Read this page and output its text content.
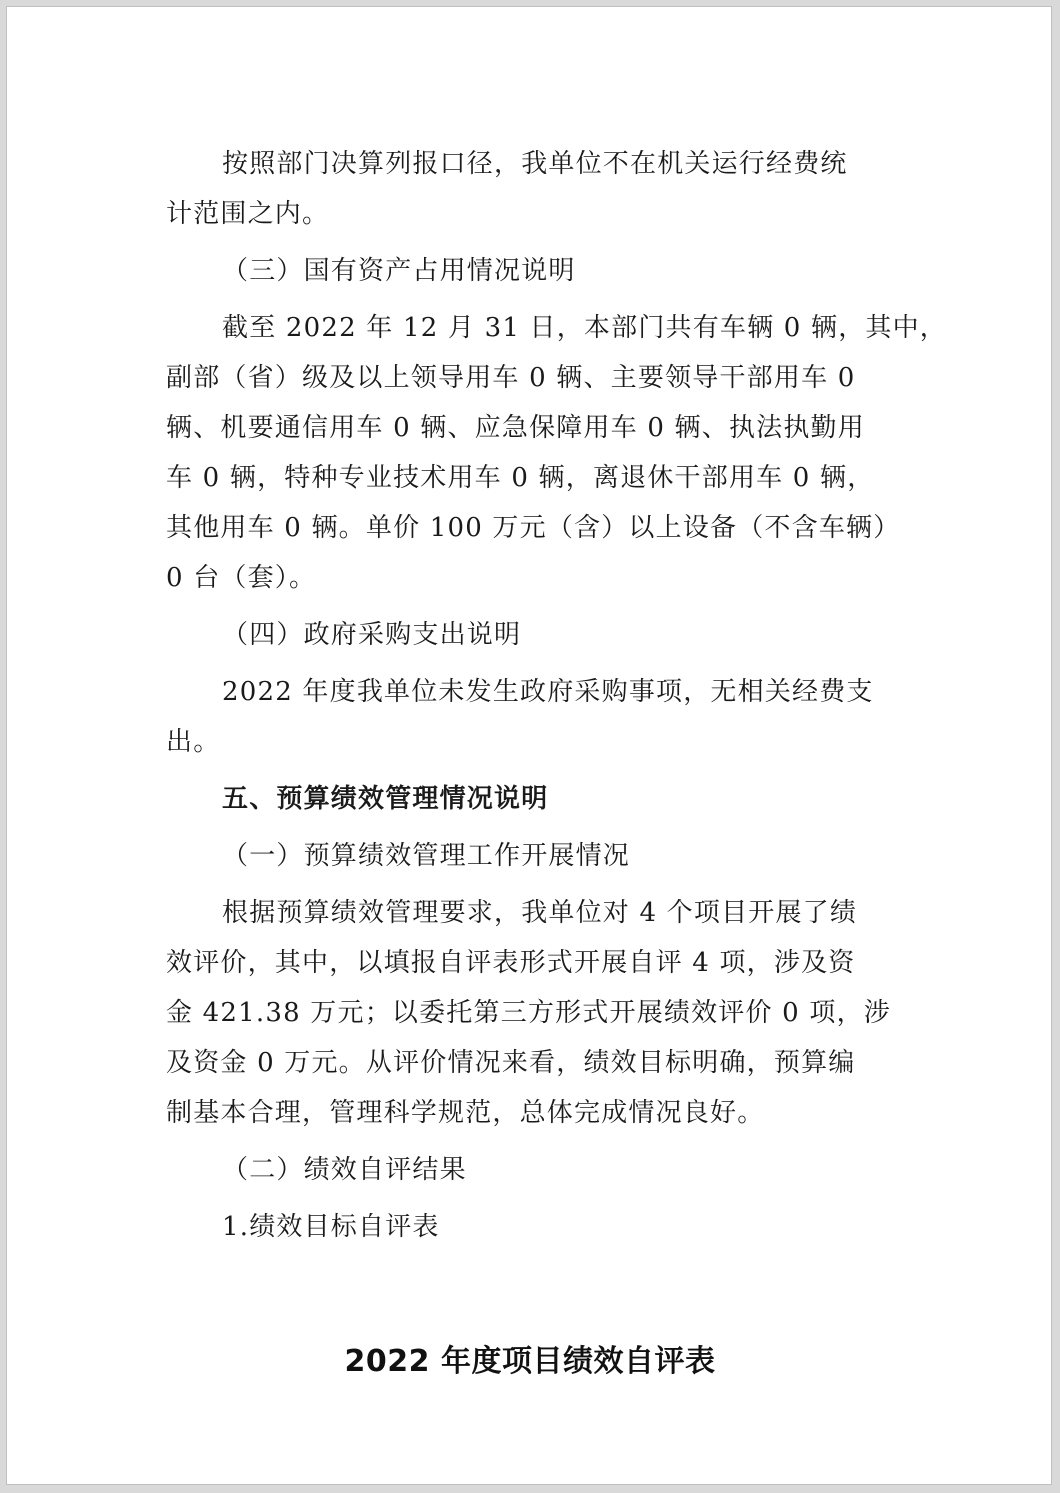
按照部门决算列报口径，我单位不在机关运行经费统
计范围之内。
（三）国有资产占用情况说明
截至 2022 年 12 月 31 日，本部门共有车辆 0 辆，其中，
副部（省）级及以上领导用车 0 辆、主要领导干部用车 0
辆、机要通信用车 0 辆、应急保障用车 0 辆、执法执勤用
车 0 辆，特种专业技术用车 0 辆，离退休干部用车 0 辆，
其他用车 0 辆。单价 100 万元（含）以上设备（不含车辆）
0 台（套）。
（四）政府采购支出说明
2022 年度我单位未发生政府采购事项，无相关经费支
出。
五、预算绩效管理情况说明
（一）预算绩效管理工作开展情况
根据预算绩效管理要求，我单位对 4 个项目开展了绩
效评价，其中，以填报自评表形式开展自评 4 项，涉及资
金 421.38 万元；以委托第三方形式开展绩效评价 0 项，涉
及资金 0 万元。从评价情况来看，绩效目标明确，预算编
制基本合理，管理科学规范，总体完成情况良好。
（二）绩效自评结果
1.绩效目标自评表
2022 年度项目绩效自评表
